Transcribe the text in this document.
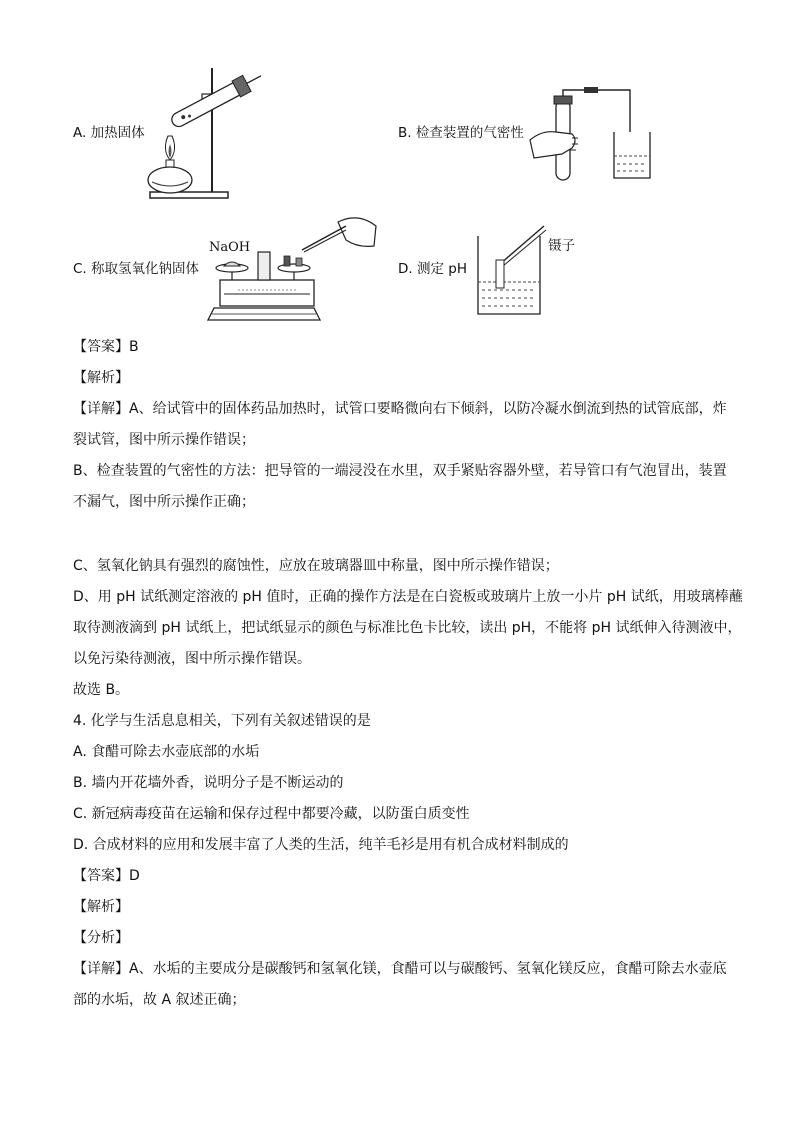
A. 加热固体	B. 检查装置的气密性
C. 称取氢氧化钠固体	D. 测定 pH
NaOH	镊子
【答案】B
【解析】
【详解】A、给试管中的固体药品加热时，试管口要略微向右下倾斜，以防冷凝水倒流到热的试管底部，炸
裂试管，图中所示操作错误；
B、检查装置的气密性的方法：把导管的一端浸没在水里，双手紧贴容器外壁，若导管口有气泡冒出，装置
不漏气，图中所示操作正确；
C、氢氧化钠具有强烈的腐蚀性，应放在玻璃器皿中称量，图中所示操作错误；
D、用 pH 试纸测定溶液的 pH 值时，正确的操作方法是在白瓷板或玻璃片上放一小片 pH 试纸，用玻璃棒蘸
取待测液滴到 pH 试纸上，把试纸显示的颜色与标准比色卡比较，读出 pH，不能将 pH 试纸伸入待测液中，
以免污染待测液，图中所示操作错误。
故选 B。
4. 化学与生活息息相关，下列有关叙述错误的是
A. 食醋可除去水壶底部的水垢
B. 墙内开花墙外香，说明分子是不断运动的
C. 新冠病毒疫苗在运输和保存过程中都要冷藏，以防蛋白质变性
D. 合成材料的应用和发展丰富了人类的生活，纯羊毛衫是用有机合成材料制成的
【答案】D
【解析】
【分析】
【详解】A、水垢的主要成分是碳酸钙和氢氧化镁，食醋可以与碳酸钙、氢氧化镁反应，食醋可除去水壶底
部的水垢，故 A 叙述正确；
